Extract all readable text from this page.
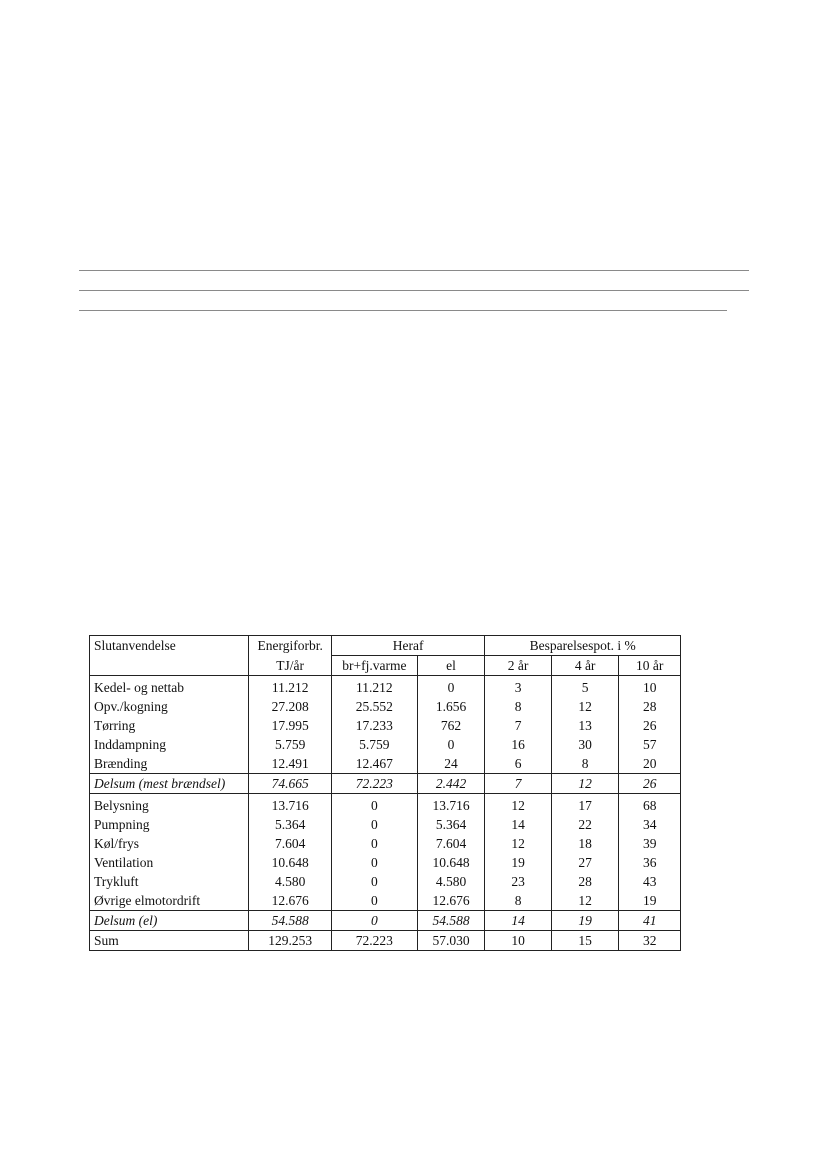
Slutanvendelse	Energiforbr.	Heraf		Besparelsespot. i %		
	TJ/år	br+fj.varme	el	2 år	4 år	10 år
Kedel- og nettab	11.212	11.212	0	3	5	10
Opv./kogning	27.208	25.552	1.656	8	12	28
Tørring	17.995	17.233	762	7	13	26
Inddampning	5.759	5.759	0	16	30	57
Brænding	12.491	12.467	24	6	8	20
Delsum (mest brændsel)	74.665	72.223	2.442	7	12	26
Belysning	13.716	0	13.716	12	17	68
Pumpning	5.364	0	5.364	14	22	34
Køl/frys	7.604	0	7.604	12	18	39
Ventilation	10.648	0	10.648	19	27	36
Trykluft	4.580	0	4.580	23	28	43
Øvrige elmotordrift	12.676	0	12.676	8	12	19
Delsum (el)	54.588	0	54.588	14	19	41
Sum	129.253	72.223	57.030	10	15	32
